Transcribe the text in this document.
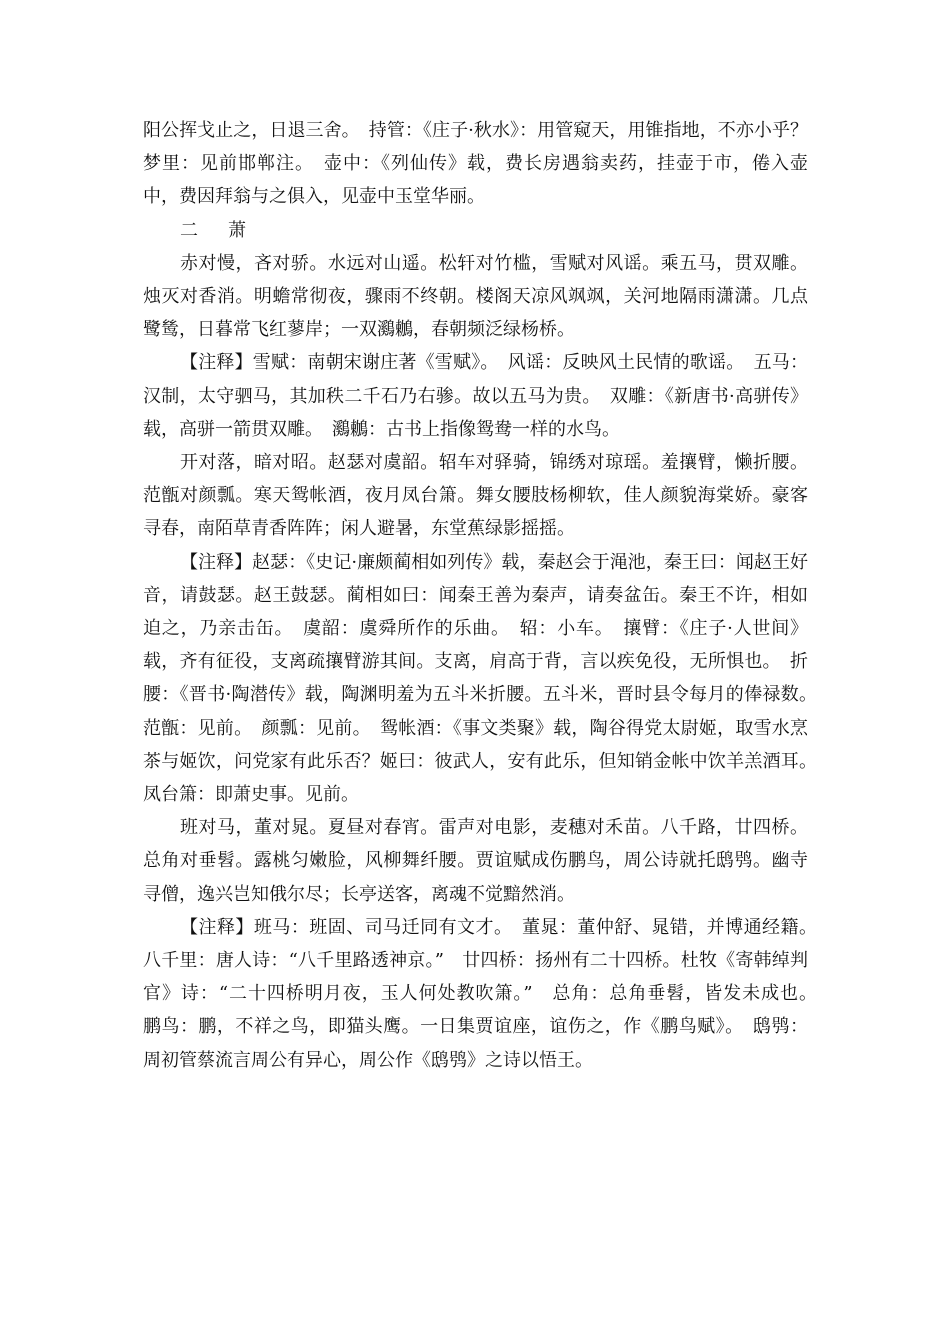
阳公挥戈止之，日退三舍。　持管：《庄子·秋水》：用管窥天，用锥指地，不亦小乎？　梦里：见前邯郸注。　壶中：《列仙传》载，费长房遇翁卖药，挂壶于市，倦入壶中，费因拜翁与之俱入，见壶中玉堂华丽。

二　萧

赤对慢，吝对骄。水远对山遥。松轩对竹槛，雪赋对风谣。乘五马，贯双雕。烛灭对香消。明蟾常彻夜，骤雨不终朝。楼阁天凉风飒飒，关河地隔雨潇潇。几点鹭鸶，日暮常飞红蓼岸；一双鸂鶒，春朝频泛绿杨桥。

【注释】雪赋：南朝宋谢庄著《雪赋》。　风谣：反映风土民情的歌谣。　五马：汉制，太守驷马，其加秩二千石乃右骖。故以五马为贵。　双雕：《新唐书·高骈传》载，高骈一箭贯双雕。　鸂鶒：古书上指像鸳鸯一样的水鸟。

开对落，暗对昭。赵瑟对虞韶。轺车对驿骑，锦绣对琼瑶。羞攘臂，懒折腰。范甑对颜瓢。寒天鸳帐酒，夜月凤台箫。舞女腰肢杨柳软，佳人颜貌海棠娇。豪客寻春，南陌草青香阵阵；闲人避暑，东堂蕉绿影摇摇。

【注释】赵瑟：《史记·廉颇蔺相如列传》载，秦赵会于渑池，秦王曰：闻赵王好音，请鼓瑟。赵王鼓瑟。蔺相如曰：闻秦王善为秦声，请奏盆缶。秦王不许，相如迫之，乃亲击缶。　虞韶：虞舜所作的乐曲。　轺：小车。　攘臂：《庄子·人世间》载，齐有征役，支离疏攘臂游其间。支离，肩高于背，言以疾免役，无所惧也。　折腰：《晋书·陶潜传》载，陶渊明羞为五斗米折腰。五斗米，晋时县令每月的俸禄数。　范甑：见前。　颜瓢：见前。　鸳帐酒：《事文类聚》载，陶谷得党太尉姬，取雪水烹茶与姬饮，问党家有此乐否？姬曰：彼武人，安有此乐，但知销金帐中饮羊羔酒耳。　凤台箫：即萧史事。见前。

班对马，董对晁。夏昼对春宵。雷声对电影，麦穗对禾苗。八千路，廿四桥。总角对垂髫。露桃匀嫩脸，风柳舞纤腰。贾谊赋成伤鹏鸟，周公诗就托鸱鸮。幽寺寻僧，逸兴岂知俄尔尽；长亭送客，离魂不觉黯然消。

【注释】班马：班固、司马迁同有文才。　董晁：董仲舒、晁错，并博通经籍。　八千里：唐人诗：“八千里路透神京。”　廿四桥：扬州有二十四桥。杜牧《寄韩绰判官》诗：“二十四桥明月夜，玉人何处教吹箫。”　总角：总角垂髫，皆发未成也。　鹏鸟：鹏，不祥之鸟，即猫头鹰。一日集贾谊座，谊伤之，作《鹏鸟赋》。　鸱鸮：周初管蔡流言周公有异心，周公作《鸱鸮》之诗以悟王。
